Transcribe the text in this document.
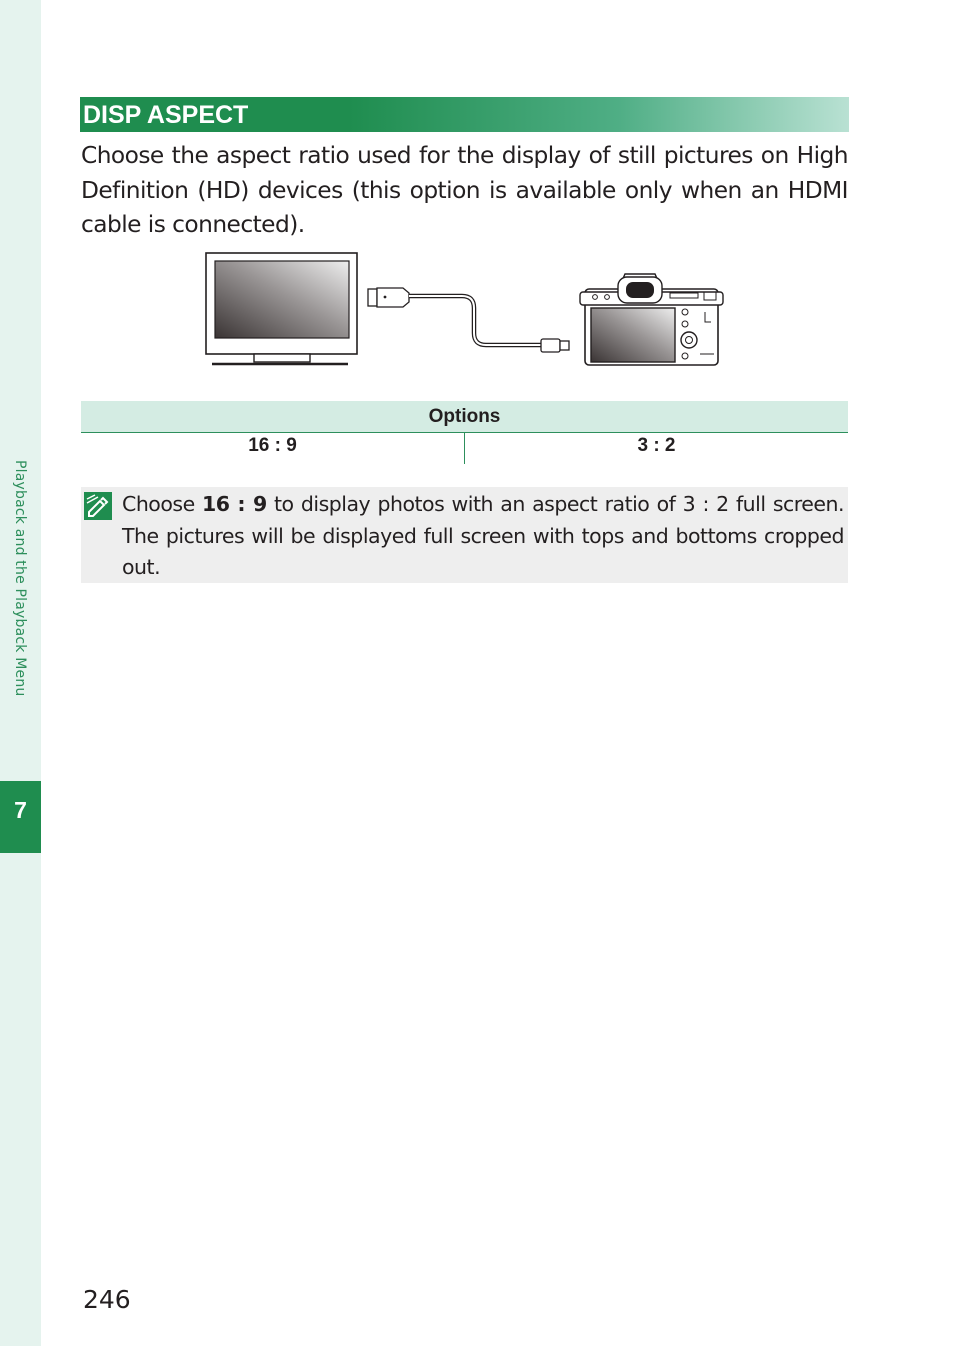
Playback and the Playback Menu
7
DISP ASPECT

Choose the aspect ratio used for the display of still pictures on High Definition (HD) devices (this option is available only when an HDMI cable is connected).

Options
16 : 9	3 : 2

Choose 16 : 9 to display photos with an aspect ratio of 3 : 2 full screen. The pictures will be displayed full screen with tops and bottoms cropped out.

246
